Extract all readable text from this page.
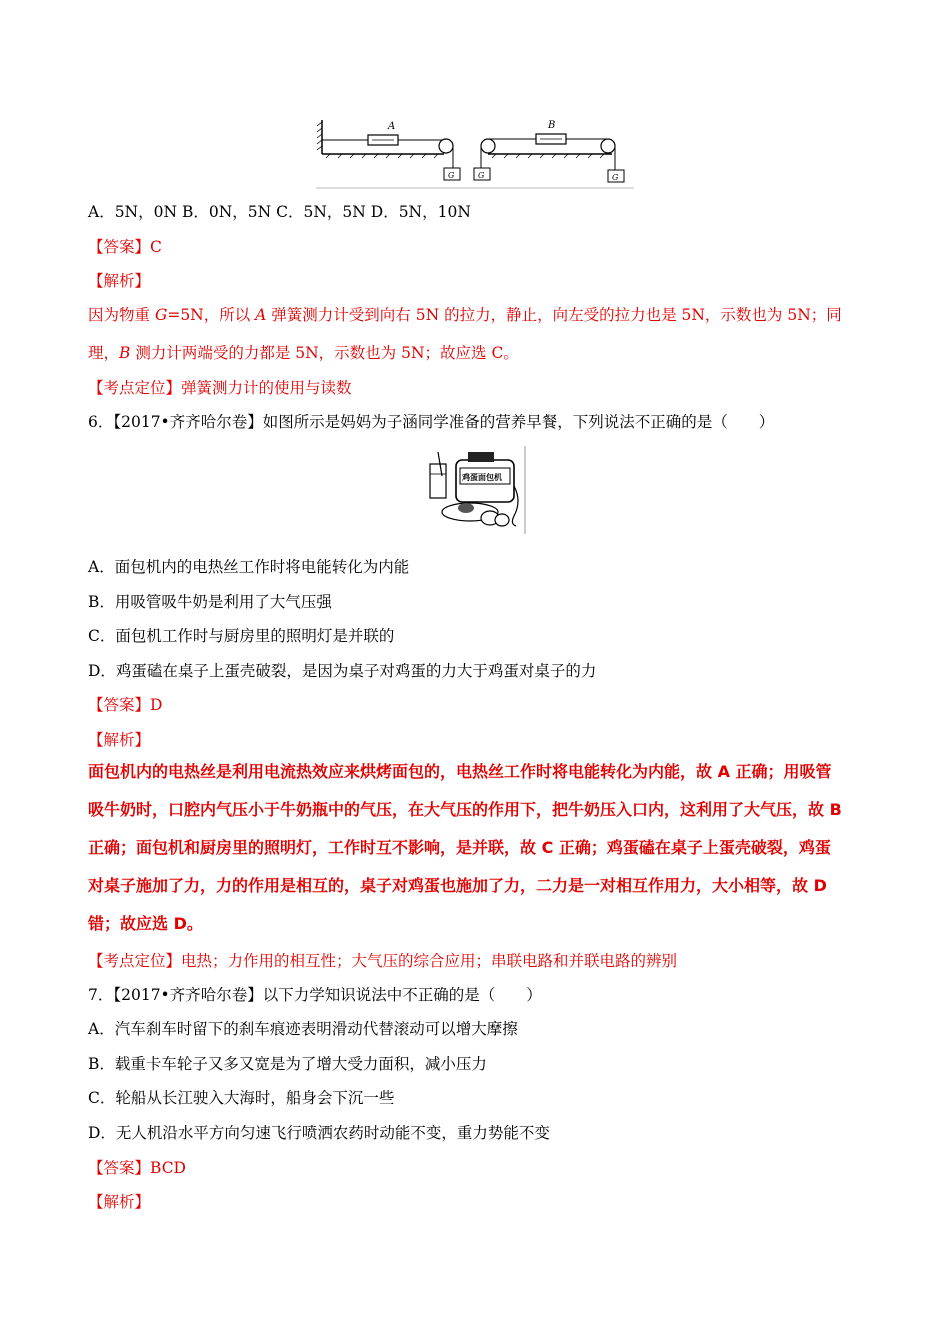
A
G	G	G
B
A．5N，0N B．0N，5N C．5N，5N D．5N，10N
【答案】C
【解析】
因为物重 G=5N，所以 A 弹簧测力计受到向右 5N 的拉力，静止，向左受的拉力也是 5N，示数也为 5N；同
理，B 测力计两端受的力都是 5N，示数也为 5N；故应选 C。
【考点定位】弹簧测力计的使用与读数
6．【2017•齐齐哈尔卷】如图所示是妈妈为子涵同学准备的营养早餐，下列说法不正确的是（　　）
鸡蛋面包机
A．面包机内的电热丝工作时将电能转化为内能
B．用吸管吸牛奶是利用了大气压强
C．面包机工作时与厨房里的照明灯是并联的
D．鸡蛋磕在桌子上蛋壳破裂，是因为桌子对鸡蛋的力大于鸡蛋对桌子的力
【答案】D
【解析】
面包机内的电热丝是利用电流热效应来烘烤面包的，电热丝工作时将电能转化为内能，故 A 正确；用吸管
吸牛奶时，口腔内气压小于牛奶瓶中的气压，在大气压的作用下，把牛奶压入口内，这利用了大气压，故 B
正确；面包机和厨房里的照明灯，工作时互不影响，是并联，故 C 正确；鸡蛋磕在桌子上蛋壳破裂，鸡蛋
对桌子施加了力，力的作用是相互的，桌子对鸡蛋也施加了力，二力是一对相互作用力，大小相等，故 D
错；故应选 D。
【考点定位】电热；力作用的相互性；大气压的综合应用；串联电路和并联电路的辨别
7．【2017•齐齐哈尔卷】以下力学知识说法中不正确的是（　　）
A．汽车刹车时留下的刹车痕迹表明滑动代替滚动可以增大摩擦
B．载重卡车轮子又多又宽是为了增大受力面积，减小压力
C．轮船从长江驶入大海时，船身会下沉一些
D．无人机沿水平方向匀速飞行喷洒农药时动能不变，重力势能不变
【答案】BCD
【解析】
